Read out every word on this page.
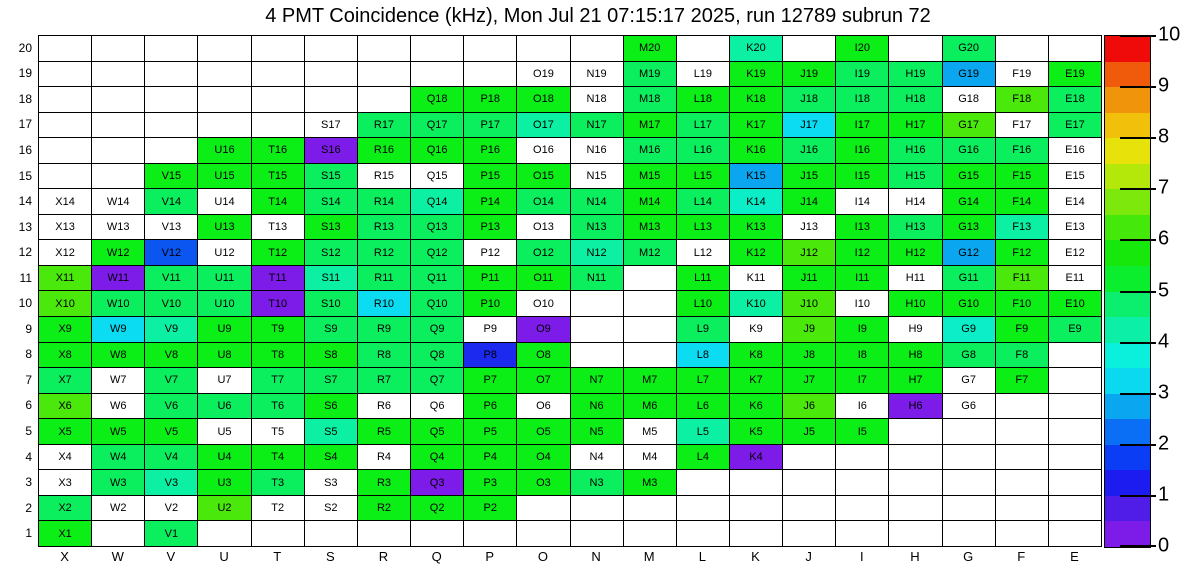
4 PMT Coincidence (kHz), Mon Jul 21 07:15:17 2025, run 12789 subrun 72
20
19
18
17
16
15
14
13
12
11
10
9
8
7
6
5
4
3
2
1
M20	K20	I20	G20
O19	N19	M19	L19	K19	J19	I19	H19	G19	F19	E19
Q18	P18	O18	N18	M18	L18	K18	J18	I18	H18	G18	F18	E18
S17	R17	Q17	P17	O17	N17	M17	L17	K17	J17	I17	H17	G17	F17	E17
U16	T16	S16	R16	Q16	P16	O16	N16	M16	L16	K16	J16	I16	H16	G16	F16	E16
V15	U15	T15	S15	R15	Q15	P15	O15	N15	M15	L15	K15	J15	I15	H15	G15	F15	E15
X14	W14	V14	U14	T14	S14	R14	Q14	P14	O14	N14	M14	L14	K14	J14	I14	H14	G14	F14	E14
X13	W13	V13	U13	T13	S13	R13	Q13	P13	O13	N13	M13	L13	K13	J13	I13	H13	G13	F13	E13
X12	W12	V12	U12	T12	S12	R12	Q12	P12	O12	N12	M12	L12	K12	J12	I12	H12	G12	F12	E12
X11	W11	V11	U11	T11	S11	R11	Q11	P11	O11	N11	L11	K11	J11	I11	H11	G11	F11	E11
X10	W10	V10	U10	T10	S10	R10	Q10	P10	O10	L10	K10	J10	I10	H10	G10	F10	E10
X9	W9	V9	U9	T9	S9	R9	Q9	P9	O9	L9	K9	J9	I9	H9	G9	F9	E9
X8	W8	V8	U8	T8	S8	R8	Q8	P8	O8	L8	K8	J8	I8	H8	G8	F8
X7	W7	V7	U7	T7	S7	R7	Q7	P7	O7	N7	M7	L7	K7	J7	I7	H7	G7	F7
X6	W6	V6	U6	T6	S6	R6	Q6	P6	O6	N6	M6	L6	K6	J6	I6	H6	G6
X5	W5	V5	U5	T5	S5	R5	Q5	P5	O5	N5	M5	L5	K5	J5	I5
X4	W4	V4	U4	T4	S4	R4	Q4	P4	O4	N4	M4	L4	K4
X3	W3	V3	U3	T3	S3	R3	Q3	P3	O3	N3	M3
X2	W2	V2	U2	T2	S2	R2	Q2	P2
X1	V1
X	W	V	U	T	S	R	Q	P	O	N	M	L	K	J	I	H	G	F	E	0
1
2
3
4
5
6
7
8
9
10
